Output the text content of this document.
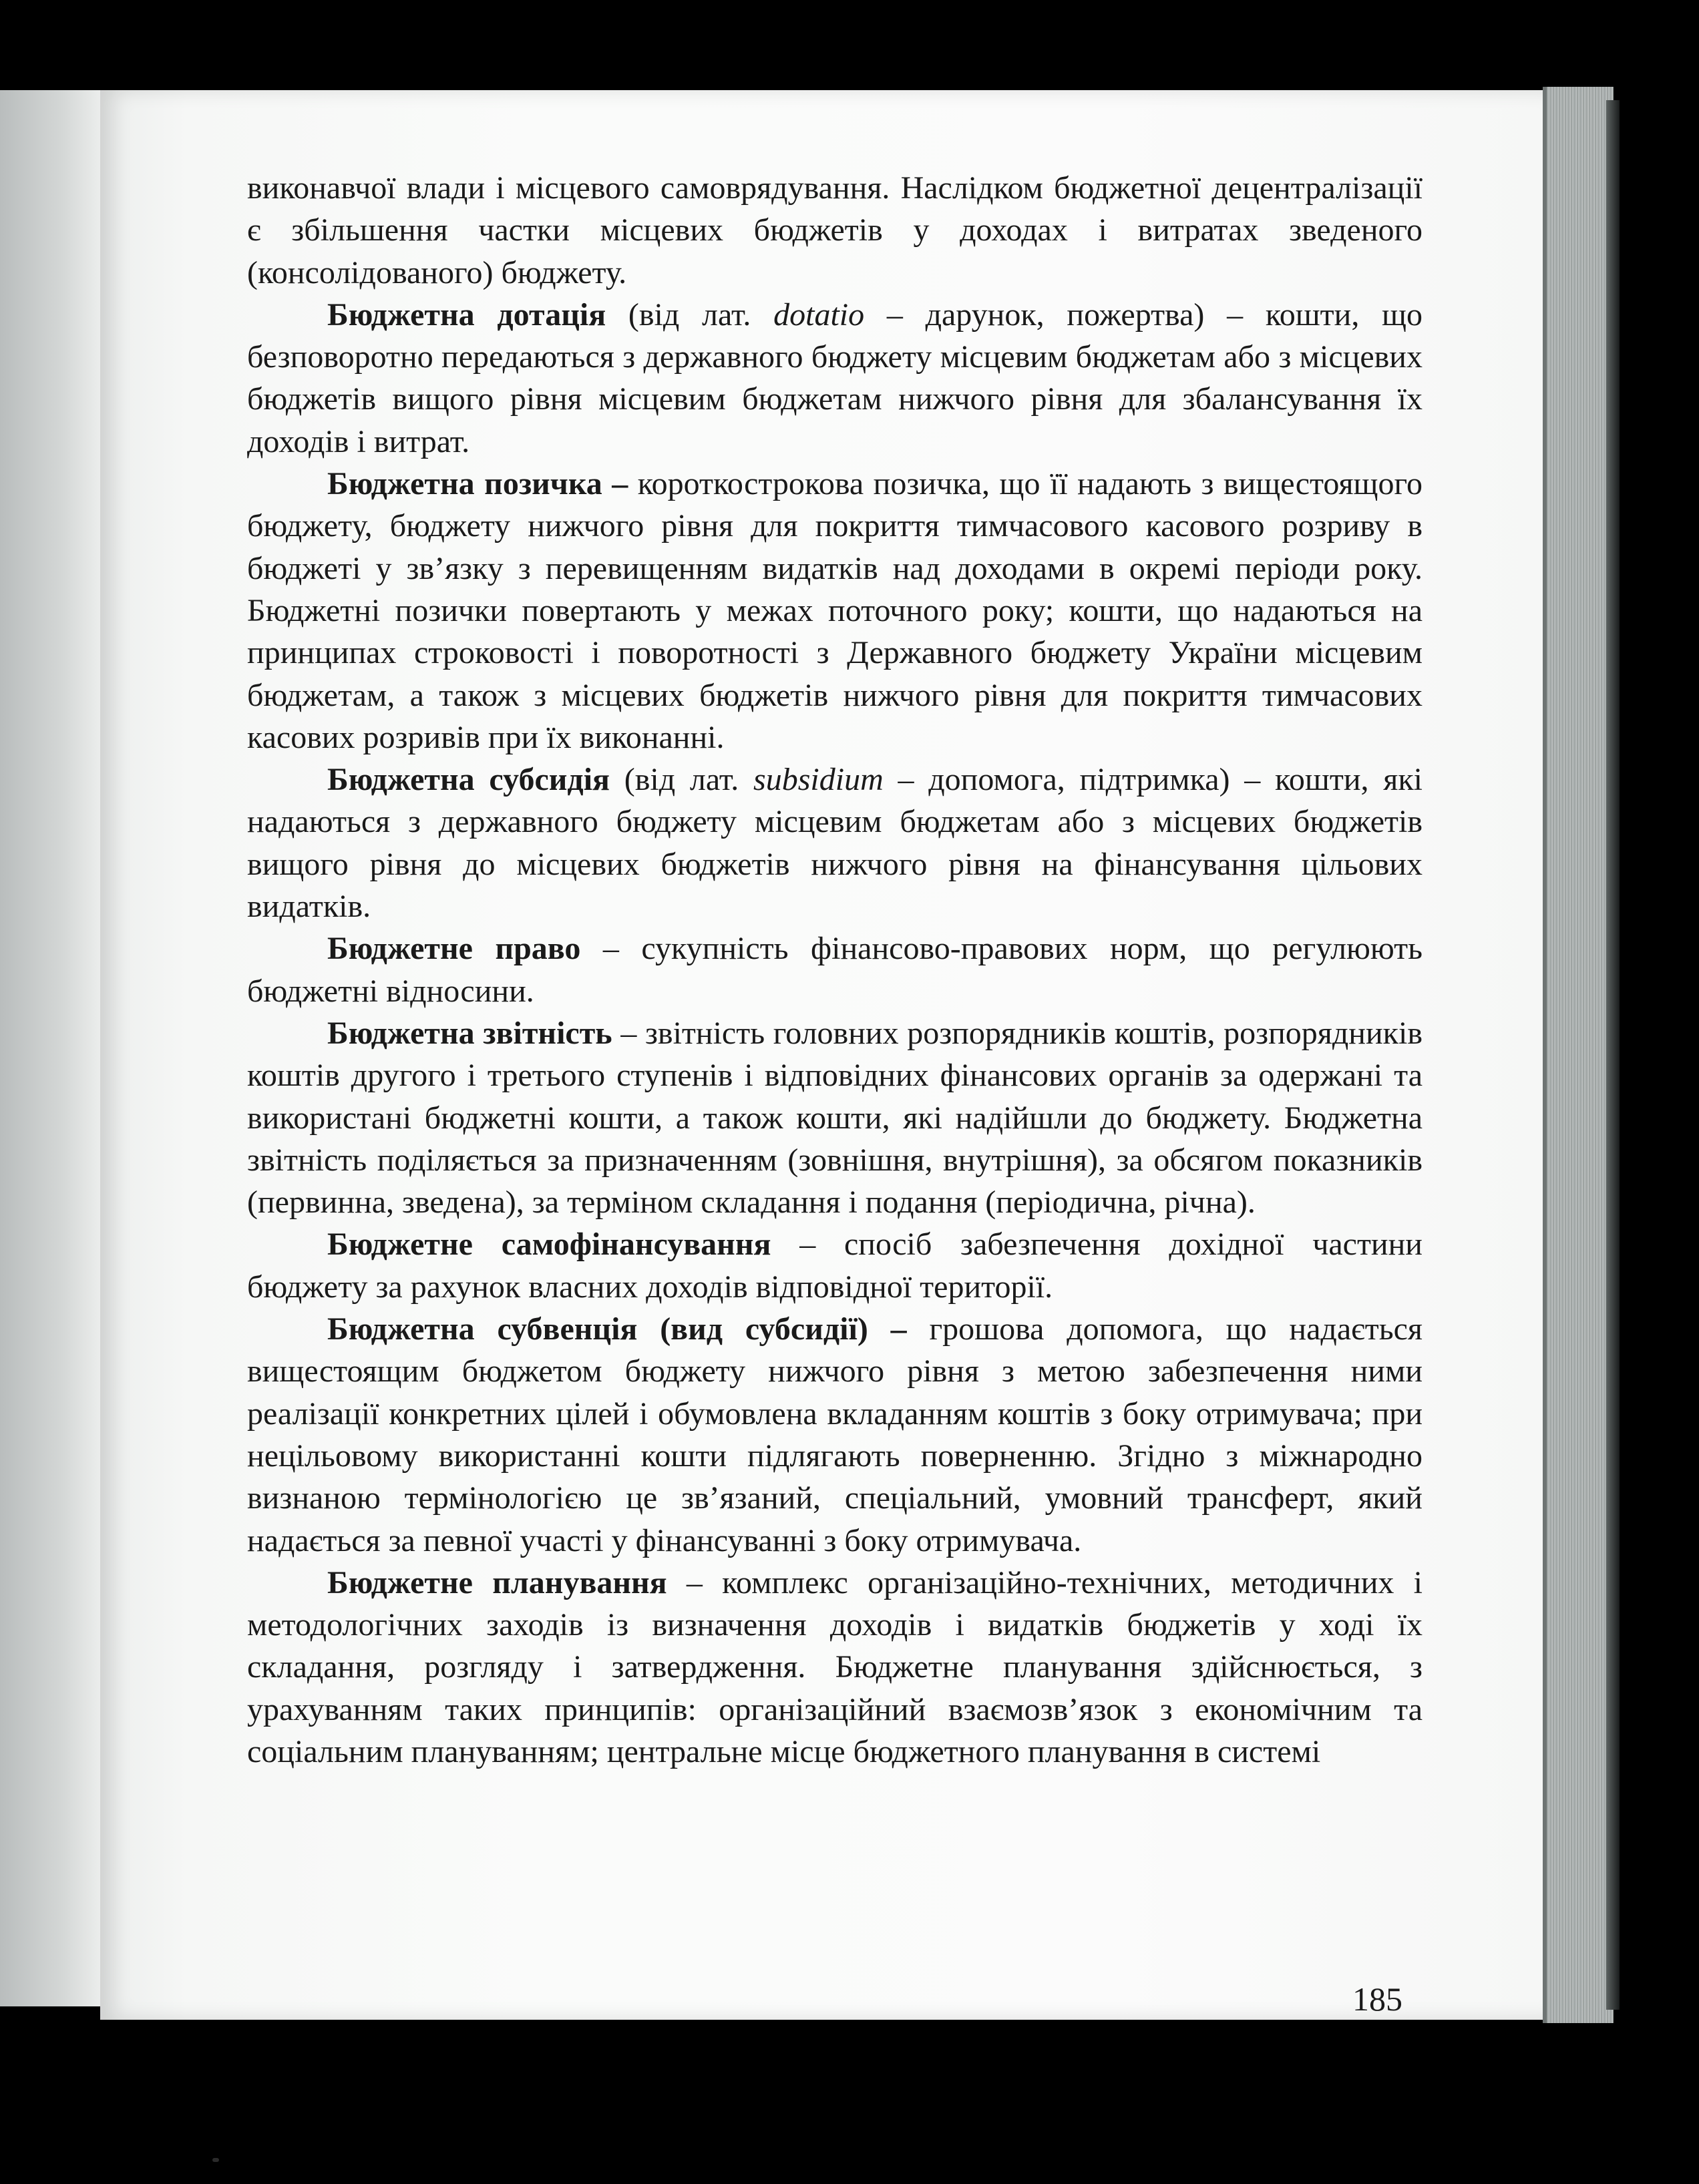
виконавчої влади і місцевого самоврядування. Наслідком бюджетної децентралізації є збільшення частки місцевих бюджетів у доходах і витратах зведеного (консолідованого) бюджету.

Бюджетна дотація (від лат. dotatio – дарунок, пожертва) – кошти, що безповоротно передаються з державного бюджету місцевим бюджетам або з місцевих бюджетів вищого рівня місцевим бюджетам нижчого рівня для збалансування їх доходів і витрат.

Бюджетна позичка – короткострокова позичка, що її надають з вищестоящого бюджету, бюджету нижчого рівня для покриття тимчасового касового розриву в бюджеті у зв’язку з перевищенням видатків над доходами в окремі періоди року. Бюджетні позички повертають у межах поточного року; кошти, що надаються на принципах строковості і поворотності з Державного бюджету України місцевим бюджетам, а також з місцевих бюджетів нижчого рівня для покриття тимчасових касових розривів при їх виконанні.

Бюджетна субсидія (від лат. subsidium – допомога, підтримка) – кошти, які надаються з державного бюджету місцевим бюджетам або з місцевих бюджетів вищого рівня до місцевих бюджетів нижчого рівня на фінансування цільових видатків.

Бюджетне право – сукупність фінансово-правових норм, що регулюють бюджетні відносини.

Бюджетна звітність – звітність головних розпорядників коштів, розпорядників коштів другого і третього ступенів і відповідних фінансових органів за одержані та використані бюджетні кошти, а також кошти, які надійшли до бюджету. Бюджетна звітність поділяється за призначенням (зовнішня, внутрішня), за обсягом показників (первинна, зведена), за терміном складання і подання (періодична, річна).

Бюджетне самофінансування – спосіб забезпечення дохідної частини бюджету за рахунок власних доходів відповідної території.

Бюджетна субвенція (вид субсидії) – грошова допомога, що надається вищестоящим бюджетом бюджету нижчого рівня з метою забезпечення ними реалізації конкретних цілей і обумовлена вкладанням коштів з боку отримувача; при нецільовому використанні кошти підлягають поверненню. Згідно з міжнародно визнаною термінологією це зв’язаний, спеціальний, умовний трансферт, який надається за певної участі у фінансуванні з боку отримувача.

Бюджетне планування – комплекс організаційно-технічних, методичних і методологічних заходів із визначення доходів і видатків бюджетів у ході їх складання, розгляду і затвердження. Бюджетне планування здійснюється, з урахуванням таких принципів: організаційний взаємозв’язок з економічним та соціальним плануванням; центральне місце бюджетного планування в системі

185
